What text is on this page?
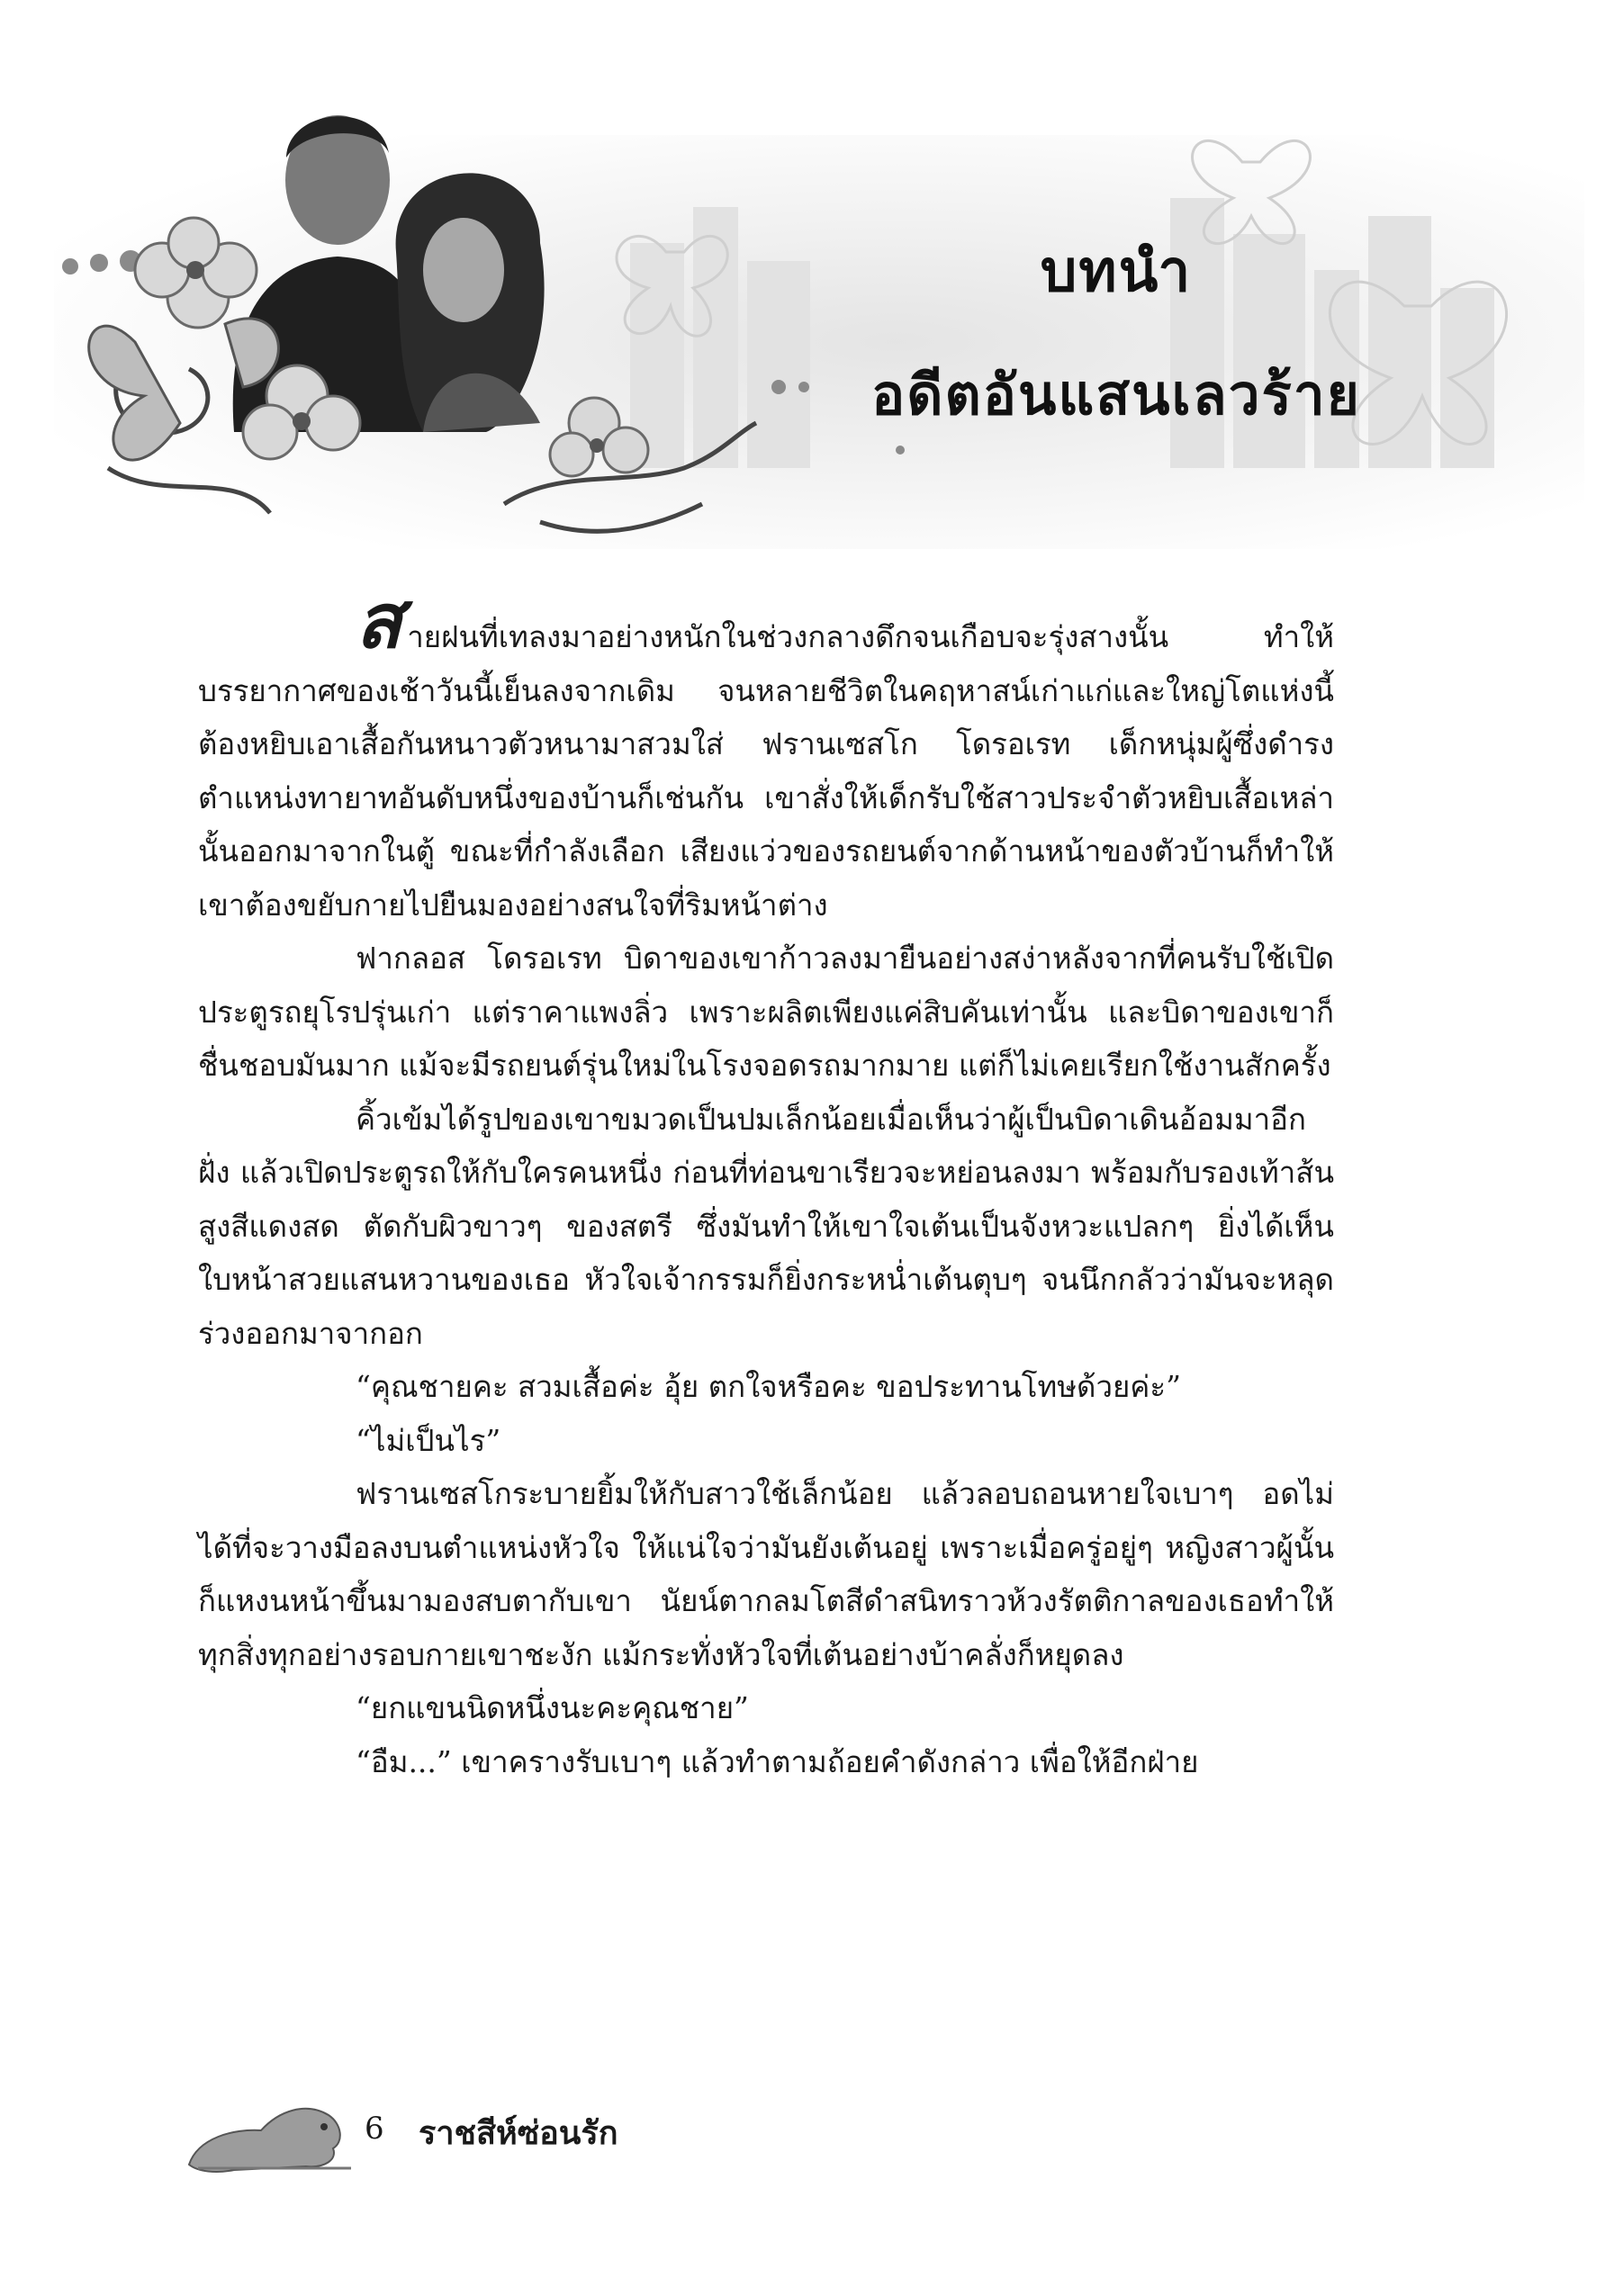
บทนำ
อดีตอันแสนเลวร้าย

สายฝนที่เทลงมาอย่างหนักในช่วงกลางดึกจนเกือบจะรุ่งสางนั้น ทำให้บรรยากาศของเช้าวันนี้เย็นลงจากเดิม จนหลายชีวิตในคฤหาสน์เก่าแก่และใหญ่โตแห่งนี้ต้องหยิบเอาเสื้อกันหนาวตัวหนามาสวมใส่ ฟรานเซสโก โดรอเรท เด็กหนุ่มผู้ซึ่งดำรงตำแหน่งทายาทอันดับหนึ่งของบ้านก็เช่นกัน เขาสั่งให้เด็กรับใช้สาวประจำตัวหยิบเสื้อเหล่านั้นออกมาจากในตู้ ขณะที่กำลังเลือก เสียงแว่วของรถยนต์จากด้านหน้าของตัวบ้านก็ทำให้เขาต้องขยับกายไปยืนมองอย่างสนใจที่ริมหน้าต่าง

ฟากลอส โดรอเรท บิดาของเขาก้าวลงมายืนอย่างสง่าหลังจากที่คนรับใช้เปิดประตูรถยุโรปรุ่นเก่า แต่ราคาแพงลิ่ว เพราะผลิตเพียงแค่สิบคันเท่านั้น และบิดาของเขาก็ชื่นชอบมันมาก แม้จะมีรถยนต์รุ่นใหม่ในโรงจอดรถมากมาย แต่ก็ไม่เคยเรียกใช้งานสักครั้ง

คิ้วเข้มได้รูปของเขาขมวดเป็นปมเล็กน้อยเมื่อเห็นว่าผู้เป็นบิดาเดินอ้อมมาอีกฝั่ง แล้วเปิดประตูรถให้กับใครคนหนึ่ง ก่อนที่ท่อนขาเรียวจะหย่อนลงมา พร้อมกับรองเท้าส้นสูงสีแดงสด ตัดกับผิวขาวๆ ของสตรี ซึ่งมันทำให้เขาใจเต้นเป็นจังหวะแปลกๆ ยิ่งได้เห็นใบหน้าสวยแสนหวานของเธอ หัวใจเจ้ากรรมก็ยิ่งกระหน่ำเต้นตุบๆ จนนึกกลัวว่ามันจะหลุดร่วงออกมาจากอก

“คุณชายคะ สวมเสื้อค่ะ อุ้ย ตกใจหรือคะ ขอประทานโทษด้วยค่ะ”

“ไม่เป็นไร”

ฟรานเซสโกระบายยิ้มให้กับสาวใช้เล็กน้อย แล้วลอบถอนหายใจเบาๆ อดไม่ได้ที่จะวางมือลงบนตำแหน่งหัวใจ ให้แน่ใจว่ามันยังเต้นอยู่ เพราะเมื่อครู่อยู่ๆ หญิงสาวผู้นั้นก็แหงนหน้าขึ้นมามองสบตากับเขา นัยน์ตากลมโตสีดำสนิทราวห้วงรัตติกาลของเธอทำให้ทุกสิ่งทุกอย่างรอบกายเขาชะงัก แม้กระทั่งหัวใจที่เต้นอย่างบ้าคลั่งก็หยุดลง

“ยกแขนนิดหนึ่งนะคะคุณชาย”

“อืม...” เขาครางรับเบาๆ แล้วทำตามถ้อยคำดังกล่าว เพื่อให้อีกฝ่าย

6 ราชสีห์ซ่อนรัก
